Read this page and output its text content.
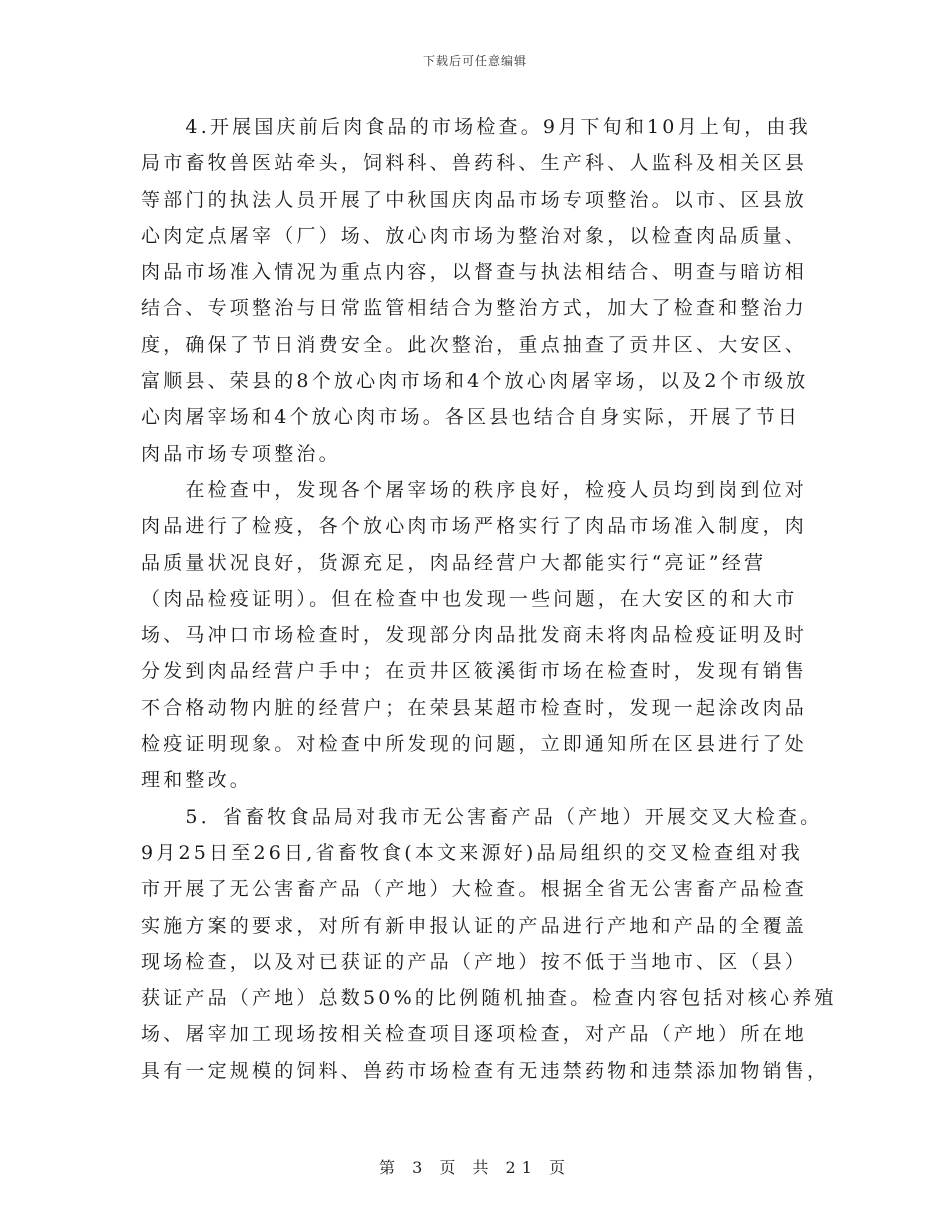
下载后可任意编辑

　　4.开展国庆前后肉食品的市场检查。9月下旬和10月上旬，由我
局市畜牧兽医站牵头，饲料科、兽药科、生产科、人监科及相关区县
等部门的执法人员开展了中秋国庆肉品市场专项整治。以市、区县放
心肉定点屠宰（厂）场、放心肉市场为整治对象，以检查肉品质量、
肉品市场准入情况为重点内容，以督查与执法相结合、明查与暗访相
结合、专项整治与日常监管相结合为整治方式，加大了检查和整治力
度，确保了节日消费安全。此次整治，重点抽查了贡井区、大安区、
富顺县、荣县的8个放心肉市场和4个放心肉屠宰场，以及2个市级放
心肉屠宰场和4个放心肉市场。各区县也结合自身实际，开展了节日
肉品市场专项整治。

　　在检查中，发现各个屠宰场的秩序良好，检疫人员均到岗到位对
肉品进行了检疫，各个放心肉市场严格实行了肉品市场准入制度，肉
品质量状况良好，货源充足，肉品经营户大都能实行“亮证”经营
（肉品检疫证明）。但在检查中也发现一些问题，在大安区的和大市
场、马冲口市场检查时，发现部分肉品批发商未将肉品检疫证明及时
分发到肉品经营户手中；在贡井区筱溪街市场在检查时，发现有销售
不合格动物内脏的经营户；在荣县某超市检查时，发现一起涂改肉品
检疫证明现象。对检查中所发现的问题，立即通知所在区县进行了处
理和整改。

　　5．省畜牧食品局对我市无公害畜产品（产地）开展交叉大检查。
9月25日至26日,省畜牧食(本文来源好)品局组织的交叉检查组对我
市开展了无公害畜产品（产地）大检查。根据全省无公害畜产品检查
实施方案的要求，对所有新申报认证的产品进行产地和产品的全覆盖
现场检查，以及对已获证的产品（产地）按不低于当地市、区（县）
获证产品（产地）总数50%的比例随机抽查。检查内容包括对核心养殖
场、屠宰加工现场按相关检查项目逐项检查，对产品（产地）所在地
具有一定规模的饲料、兽药市场检查有无违禁药物和违禁添加物销售，

第 3 页 共 21 页
